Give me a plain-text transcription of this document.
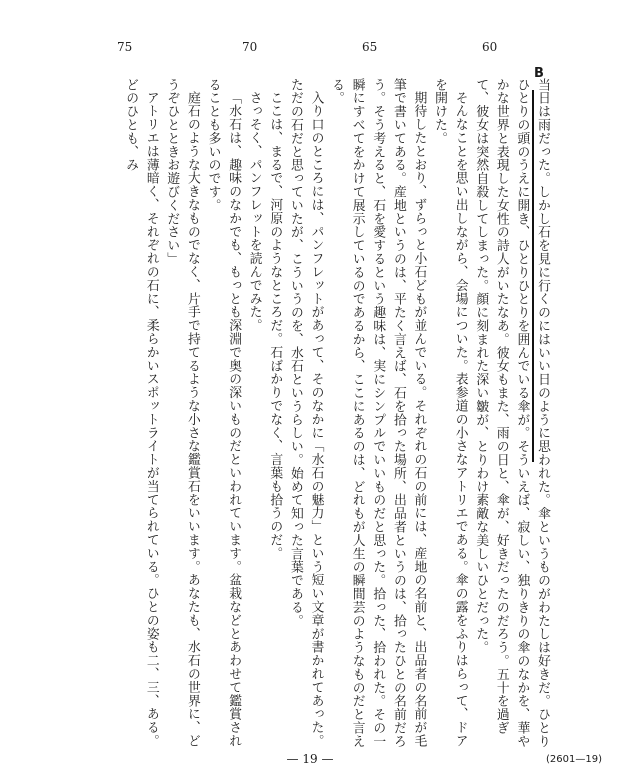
60
65
70
75
B

当日は雨だった。しかし石を見に行くのにはいい日のように思われた。傘というものがわたしは好きだ。ひとりひとりの頭のうえに開き、ひとりひとりを囲んでいる傘が。そういえば、寂しい、独りきりの傘のなかを、華やかな世界と表現した女性の詩人がいたなあ。彼女もまた、雨の日と、傘が、好きだったのだろう。五十を過ぎて、彼女は突然自殺してしまった。顔に刻まれた深い皺が、とりわけ素敵な美しいひとだった。

そんなことを思い出しながら、会場についた。表参道の小さなアトリエである。傘の露をふりはらって、ドアを開けた。

期待したとおり、ずらっと小石どもが並んでいる。それぞれの石の前には、産地の名前と、出品者の名前が毛筆で書いてある。産地というのは、平たく言えば、石を拾った場所、出品者というのは、拾ったひとの名前だろう。そう考えると、石を愛するという趣味は、実にシンプルでいいものだと思った。拾った、拾われた。その一瞬にすべてをかけて展示しているのであるから、ここにあるのは、どれもが人生の瞬間芸のようなものだと言える。

入り口のところには、パンフレットがあって、そのなかに「水石の魅力」という短い文章が書かれてあった。ただの石だと思っていたが、こういうのを、水石というらしい。始めて知った言葉である。

ここは、まるで、河原のようなところだ。石ばかりでなく、言葉も拾うのだ。

さっそく、パンフレットを読んでみた。

「水石は、趣味のなかでも、もっとも深淵で奥の深いものだといわれています。盆栽などとあわせて鑑賞されることも多いのです。

庭石のような大きなものでなく、片手で持てるような小さな鑑賞石をいいます。あなたも、水石の世界に、どうぞひとときお遊びください」

アトリエは薄暗く、それぞれの石に、柔らかいスポットライトが当てられている。ひとの姿も二、三、ある。どのひとも、み

— 19 —	(2601—19)
